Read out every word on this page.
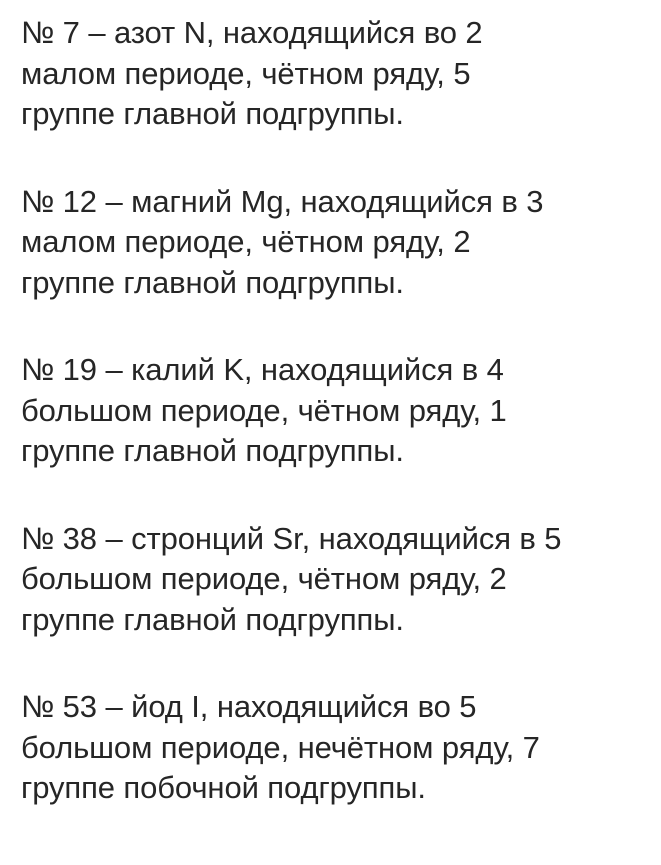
№ 7 – азот N, находящийся во 2
малом периоде, чётном ряду, 5
группе главной подгруппы.
№ 12 – магний Mg, находящийся в 3
малом периоде, чётном ряду, 2
группе главной подгруппы.
№ 19 – калий K, находящийся в 4
большом периоде, чётном ряду, 1
группе главной подгруппы.
№ 38 – стронций Sr, находящийся в 5
большом периоде, чётном ряду, 2
группе главной подгруппы.
№ 53 – йод I, находящийся во 5
большом периоде, нечётном ряду, 7
группе побочной подгруппы.
